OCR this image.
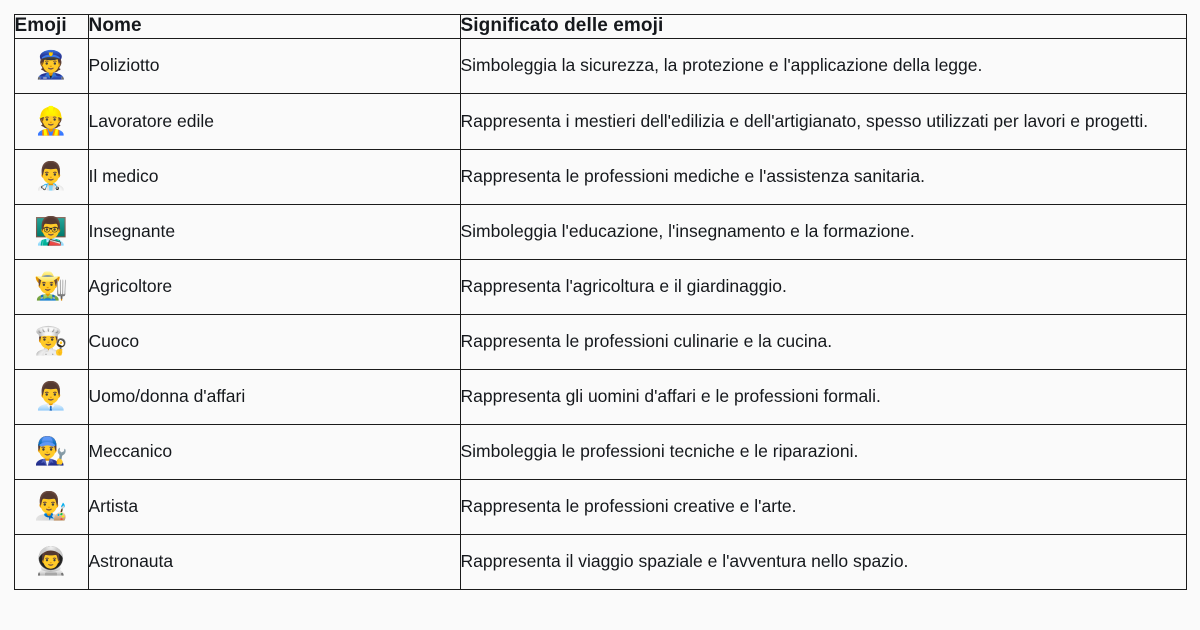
Emoji	Nome	Significato delle emoji
👮	Poliziotto	Simboleggia la sicurezza, la protezione e l'applicazione della legge.
👷	Lavoratore edile	Rappresenta i mestieri dell'edilizia e dell'artigianato, spesso utilizzati per lavori e progetti.
👨‍⚕️	Il medico	Rappresenta le professioni mediche e l'assistenza sanitaria.
👨‍🏫	Insegnante	Simboleggia l'educazione, l'insegnamento e la formazione.
👨‍🌾	Agricoltore	Rappresenta l'agricoltura e il giardinaggio.
👨‍🍳	Cuoco	Rappresenta le professioni culinarie e la cucina.
👨‍💼	Uomo/donna d'affari	Rappresenta gli uomini d'affari e le professioni formali.
👨‍🔧	Meccanico	Simboleggia le professioni tecniche e le riparazioni.
👨‍🎨	Artista	Rappresenta le professioni creative e l'arte.
👨‍🚀	Astronauta	Rappresenta il viaggio spaziale e l'avventura nello spazio.
